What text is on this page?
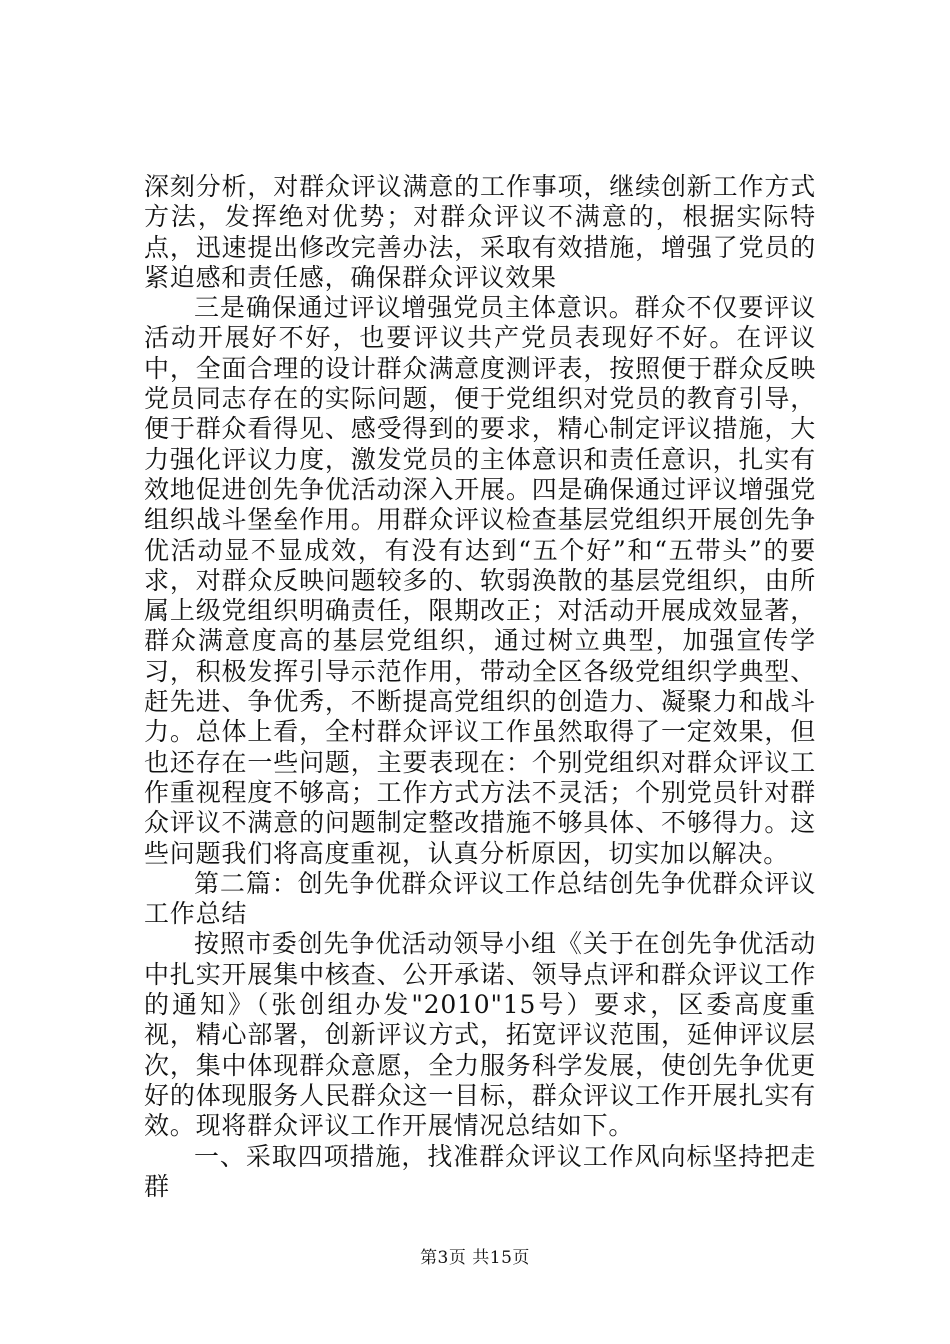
深刻分析，对群众评议满意的工作事项，继续创新工作方式方法，发挥绝对优势；对群众评议不满意的，根据实际特点，迅速提出修改完善办法，采取有效措施，增强了党员的紧迫感和责任感，确保群众评议效果

三是确保通过评议增强党员主体意识。群众不仅要评议活动开展好不好，也要评议共产党员表现好不好。在评议中，全面合理的设计群众满意度测评表，按照便于群众反映党员同志存在的实际问题，便于党组织对党员的教育引导，便于群众看得见、感受得到的要求，精心制定评议措施，大力强化评议力度，激发党员的主体意识和责任意识，扎实有效地促进创先争优活动深入开展。四是确保通过评议增强党组织战斗堡垒作用。用群众评议检查基层党组织开展创先争优活动显不显成效，有没有达到“五个好”和“五带头”的要求，对群众反映问题较多的、软弱涣散的基层党组织，由所属上级党组织明确责任，限期改正；对活动开展成效显著，群众满意度高的基层党组织，通过树立典型，加强宣传学习，积极发挥引导示范作用，带动全区各级党组织学典型、赶先进、争优秀，不断提高党组织的创造力、凝聚力和战斗力。总体上看，全村群众评议工作虽然取得了一定效果，但也还存在一些问题，主要表现在：个别党组织对群众评议工作重视程度不够高；工作方式方法不灵活；个别党员针对群众评议不满意的问题制定整改措施不够具体、不够得力。这些问题我们将高度重视，认真分析原因，切实加以解决。

第二篇：创先争优群众评议工作总结创先争优群众评议工作总结

按照市委创先争优活动领导小组《关于在创先争优活动中扎实开展集中核查、公开承诺、领导点评和群众评议工作的通知》（张创组办发"2010"15号）要求，区委高度重视，精心部署，创新评议方式，拓宽评议范围，延伸评议层次，集中体现群众意愿，全力服务科学发展，使创先争优更好的体现服务人民群众这一目标，群众评议工作开展扎实有效。现将群众评议工作开展情况总结如下。

一、采取四项措施，找准群众评议工作风向标坚持把走群

第3页 共15页
